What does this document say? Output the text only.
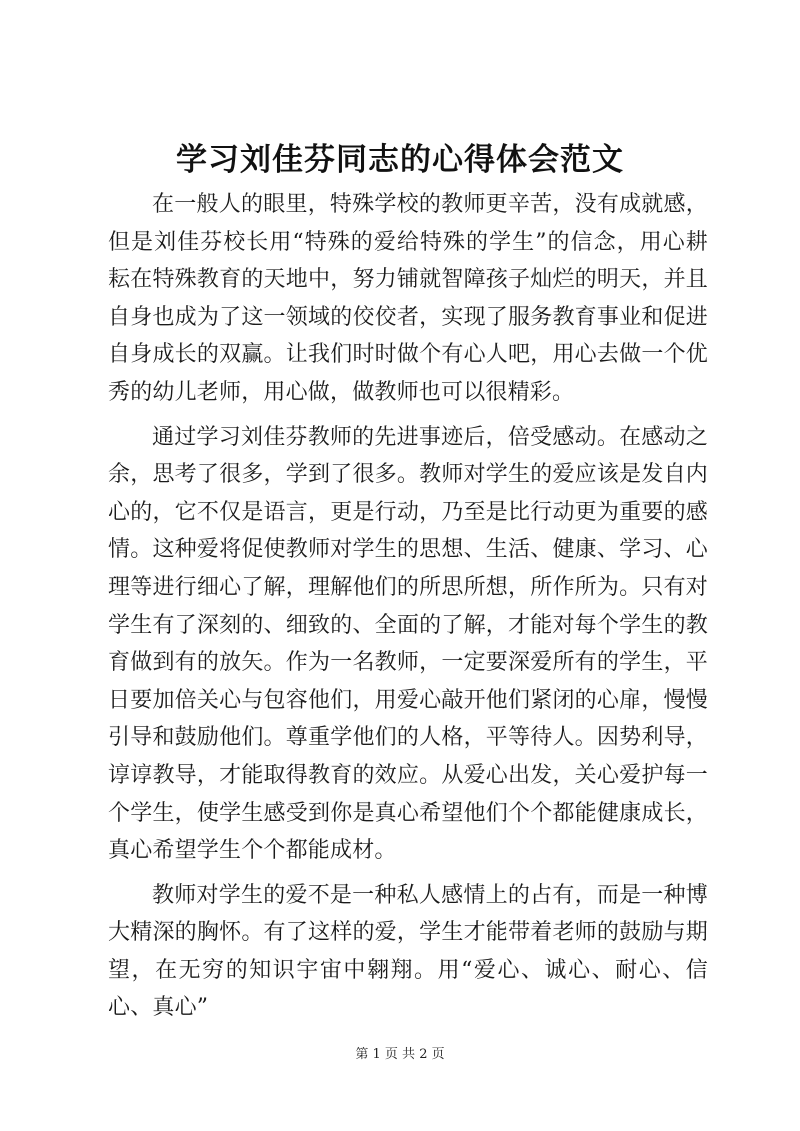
学习刘佳芬同志的心得体会范文

在一般人的眼里，特殊学校的教师更辛苦，没有成就感，但是刘佳芬校长用“特殊的爱给特殊的学生”的信念，用心耕耘在特殊教育的天地中，努力铺就智障孩子灿烂的明天，并且自身也成为了这一领域的佼佼者，实现了服务教育事业和促进自身成长的双赢。让我们时时做个有心人吧，用心去做一个优秀的幼儿老师，用心做，做教师也可以很精彩。

通过学习刘佳芬教师的先进事迹后，倍受感动。在感动之余，思考了很多，学到了很多。教师对学生的爱应该是发自内心的，它不仅是语言，更是行动，乃至是比行动更为重要的感情。这种爱将促使教师对学生的思想、生活、健康、学习、心理等进行细心了解，理解他们的所思所想，所作所为。只有对学生有了深刻的、细致的、全面的了解，才能对每个学生的教育做到有的放矢。作为一名教师，一定要深爱所有的学生，平日要加倍关心与包容他们，用爱心敲开他们紧闭的心扉，慢慢引导和鼓励他们。尊重学他们的人格，平等待人。因势利导，谆谆教导，才能取得教育的效应。从爱心出发，关心爱护每一个学生，使学生感受到你是真心希望他们个个都能健康成长，真心希望学生个个都能成材。

教师对学生的爱不是一种私人感情上的占有，而是一种博大精深的胸怀。有了这样的爱，学生才能带着老师的鼓励与期望，在无穷的知识宇宙中翱翔。用“爱心、诚心、耐心、信心、真心”

第 1 页 共 2 页
